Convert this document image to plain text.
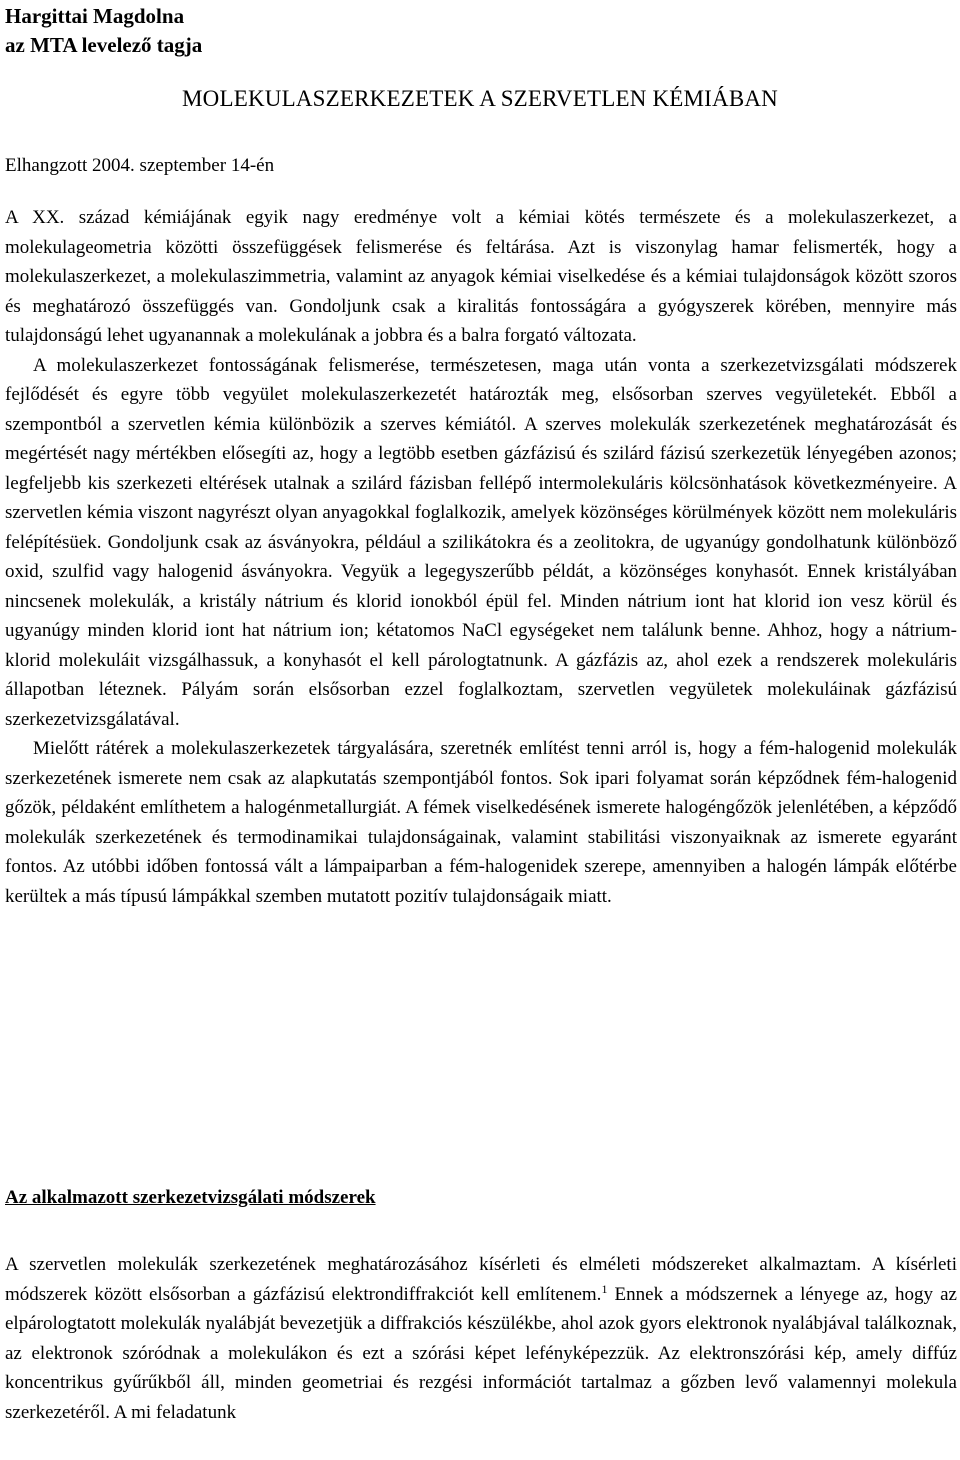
Hargittai Magdolna
az MTA levelező tagja
MOLEKULASZERKEZETEK A SZERVETLEN KÉMIÁBAN
Elhangzott 2004. szeptember 14-én

A XX. század kémiájának egyik nagy eredménye volt a kémiai kötés természete és a molekulaszerkezet, a molekulageometria közötti összefüggések felismerése és feltárása. Azt is viszonylag hamar felismerték, hogy a molekulaszerkezet, a molekulaszimmetria, valamint az anyagok kémiai viselkedése és a kémiai tulajdonságok között szoros és meghatározó összefüggés van. Gondoljunk csak a kiralitás fontosságára a gyógyszerek körében, mennyire más tulajdonságú lehet ugyanannak a molekulának a jobbra és a balra forgató változata.

A molekulaszerkezet fontosságának felismerése, természetesen, maga után vonta a szerkezetvizsgálati módszerek fejlődését és egyre több vegyület molekulaszerkezetét határozták meg, elsősorban szerves vegyületekét. Ebből a szempontból a szervetlen kémia különbözik a szerves kémiától. A szerves molekulák szerkezetének meghatározását és megértését nagy mértékben elősegíti az, hogy a legtöbb esetben gázfázisú és szilárd fázisú szerkezetük lényegében azonos; legfeljebb kis szerkezeti eltérések utalnak a szilárd fázisban fellépő intermolekuláris kölcsönhatások következményeire. A szervetlen kémia viszont nagyrészt olyan anyagokkal foglalkozik, amelyek közönséges körülmények között nem molekuláris felépítésüek. Gondoljunk csak az ásványokra, például a szilikátokra és a zeolitokra, de ugyanúgy gondolhatunk különböző oxid, szulfid vagy halogenid ásványokra. Vegyük a legegyszerűbb példát, a közönséges konyhasót. Ennek kristályában nincsenek molekulák, a kristály nátrium és klorid ionokból épül fel. Minden nátrium iont hat klorid ion vesz körül és ugyanúgy minden klorid iont hat nátrium ion; kétatomos NaCl egységeket nem találunk benne. Ahhoz, hogy a nátrium-klorid molekuláit vizsgálhassuk, a konyhasót el kell párologtatnunk. A gázfázis az, ahol ezek a rendszerek molekuláris állapotban léteznek. Pályám során elsősorban ezzel foglalkoztam, szervetlen vegyületek molekuláinak gázfázisú szerkezetvizsgálatával.

Mielőtt rátérek a molekulaszerkezetek tárgyalására, szeretnék említést tenni arról is, hogy a fém-halogenid molekulák szerkezetének ismerete nem csak az alapkutatás szempontjából fontos. Sok ipari folyamat során képződnek fém-halogenid gőzök, példaként említhetem a halogénmetallurgiát. A fémek viselkedésének ismerete halogéngőzök jelenlétében, a képződő molekulák szerkezetének és termodinamikai tulajdonságainak, valamint stabilitási viszonyaiknak az ismerete egyaránt fontos. Az utóbbi időben fontossá vált a lámpaiparban a fém-halogenidek szerepe, amennyiben a halogén lámpák előtérbe kerültek a más típusú lámpákkal szemben mutatott pozitív tulajdonságaik miatt.

Az alkalmazott szerkezetvizsgálati módszerek

A szervetlen molekulák szerkezetének meghatározásához kísérleti és elméleti módszereket alkalmaztam. A kísérleti módszerek között elsősorban a gázfázisú elektrondiffrakciót kell említenem.$^1$ Ennek a módszernek a lényege az, hogy az elpárologtatott molekulák nyalábját bevezetjük a diffrakciós készülékbe, ahol azok gyors elektronok nyalábjával találkoznak, az elektronok szóródnak a molekulákon és ezt a szórási képet lefényképezzük. Az elektronszórási kép, amely diffúz koncentrikus gyűrűkből áll, minden geometriai és rezgési információt tartalmaz a gőzben levő valamennyi molekula szerkezetéről. A mi feladatunk
